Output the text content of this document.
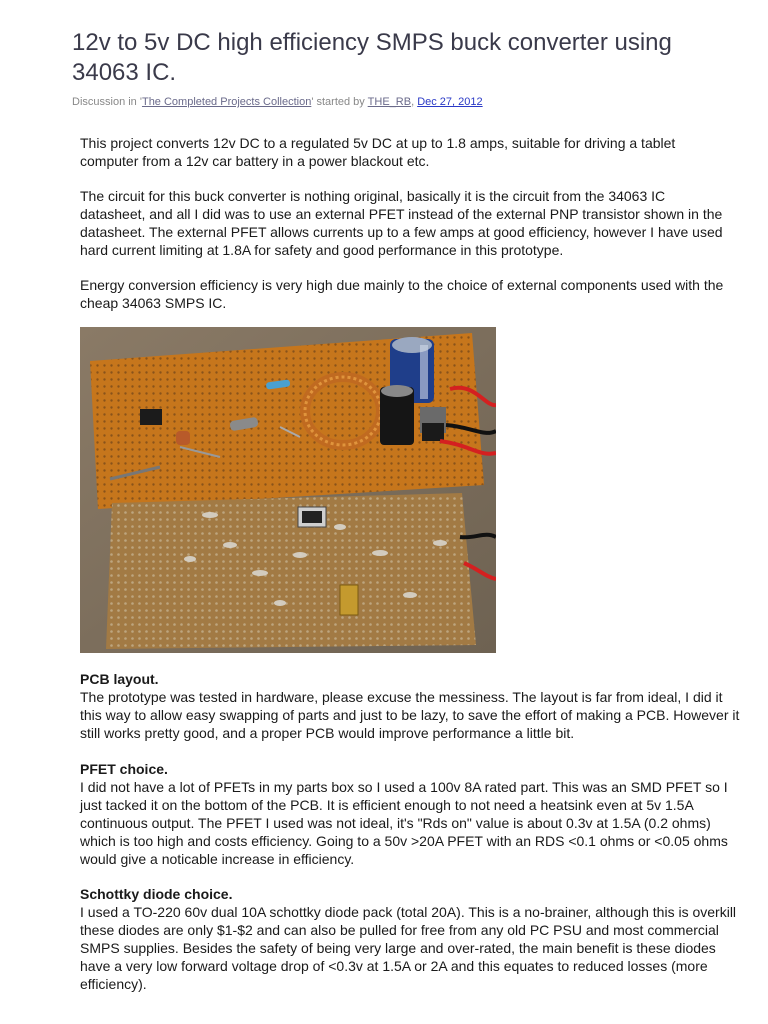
12v to 5v DC high efficiency SMPS buck converter using 34063 IC.
Discussion in 'The Completed Projects Collection' started by THE_RB, Dec 27, 2012

This project converts 12v DC to a regulated 5v DC at up to 1.8 amps, suitable for driving a tablet computer from a 12v car battery in a power blackout etc.

The circuit for this buck converter is nothing original, basically it is the circuit from the 34063 IC datasheet, and all I did was to use an external PFET instead of the external PNP transistor shown in the datasheet. The external PFET allows currents up to a few amps at good efficiency, however I have used hard current limiting at 1.8A for safety and good performance in this prototype.

Energy conversion efficiency is very high due mainly to the choice of external components used with the cheap 34063 SMPS IC.

PCB layout.

The prototype was tested in hardware, please excuse the messiness. The layout is far from ideal, I did it this way to allow easy swapping of parts and just to be lazy, to save the effort of making a PCB. However it still works pretty good, and a proper PCB would improve performance a little bit.

PFET choice.

I did not have a lot of PFETs in my parts box so I used a 100v 8A rated part. This was an SMD PFET so I just tacked it on the bottom of the PCB. It is efficient enough to not need a heatsink even at 5v 1.5A continuous output. The PFET I used was not ideal, it's "Rds on" value is about 0.3v at 1.5A (0.2 ohms) which is too high and costs efficiency. Going to a 50v >20A PFET with an RDS <0.1 ohms or <0.05 ohms would give a noticable increase in efficiency.

Schottky diode choice.

I used a TO-220 60v dual 10A schottky diode pack (total 20A). This is a no-brainer, although this is overkill these diodes are only $1-$2 and can also be pulled for free from any old PC PSU and most commercial SMPS supplies. Besides the safety of being very large and over-rated, the main benefit is these diodes have a very low forward voltage drop of <0.3v at 1.5A or 2A and this equates to reduced losses (more efficiency).
